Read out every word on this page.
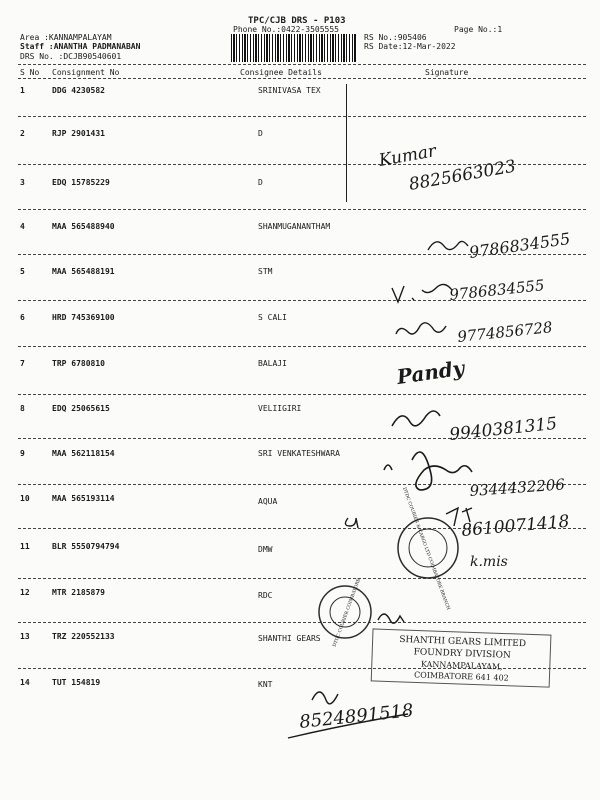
TPC/CJB DRS - P103
Phone No.:0422-3505555	Page No.:1
Area :KANNAMPALAYAM
Staff :ANANTHA PADMANABAN
DRS No. :DCJB90540601
RS No.:905406
RS Date:12-Mar-2022
S No Consignment No	Consignee Details	Signature
1	DDG 4230582	SRINIVASA TEX
2	RJP 2901431	D
3	EDQ 15785229	D
4	MAA 565488940	SHANMUGANANTHAM
5	MAA 565488191	STM
6	HRD 745369100	S CALI
7	TRP 6780810	BALAJI
8	EDQ 25065615	VELIIGIRI
9	MAA 562118154	SRI VENKATESHWARA
10	MAA 565193114	AQUA
11	BLR 5550794794	DMW
12	MTR 2185879	RDC
13	TRZ 220552133	SHANTHI GEARS
14	TUT 154819	KNT
Kumar
8825663023
9786834555
9786834555
9774856728
Pandy
9940381315
9344432206
8610071418
k.mis
DTDC COURIER & CARGO LTD COIMBATORE BRANCH
DTDC COURIER COIMBATORE	SHANTHI GEARS LIMITED
FOUNDRY DIVISION
KANNAMPALAYAM,
COIMBATORE 641 402
8524891518
